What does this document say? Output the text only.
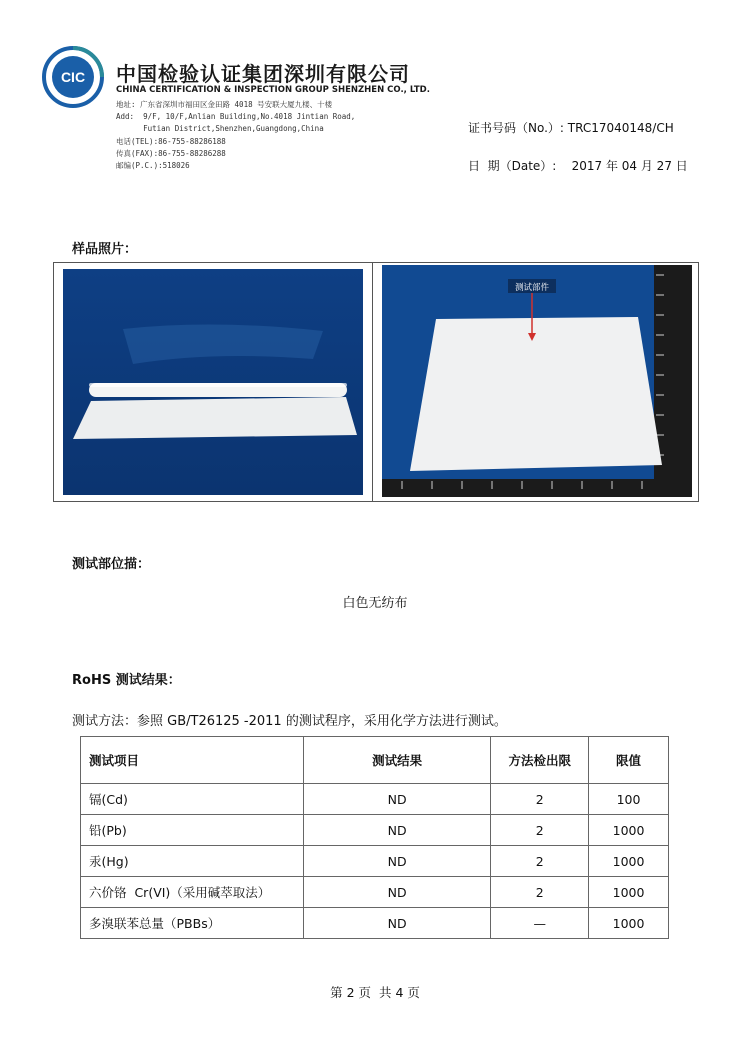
CIC 中国检验认证集团深圳有限公司
CHINA CERTIFICATION & INSPECTION GROUP SHENZHEN CO., LTD.
地址: 广东省深圳市福田区金田路 4018 号安联大厦九楼、十楼
Add:  9/F, 10/F,Anlian Building,No.4018 Jintian Road,
Futian District,Shenzhen,Guangdong,China
电话(TEL):86-755-88286188
传真(FAX):86-755-88286288
邮编(P.C.):518026
证书号码（No.）: TRC17040148/CH
日  期（Date）:    2017 年 04 月 27 日
样品照片：
测试部件
测试部位描：
白色无纺布
RoHS 测试结果：
测试方法：参照 GB/T26125 -2011 的测试程序，采用化学方法进行测试。
测试项目	测试结果	方法检出限	限值
镉(Cd)	ND	2	100
铅(Pb)	ND	2	1000
汞(Hg)	ND	2	1000
六价铬  Cr(VI)（采用碱萃取法）	ND	2	1000
多溴联苯总量（PBBs）	ND	—	1000
第 2 页  共 4 页
